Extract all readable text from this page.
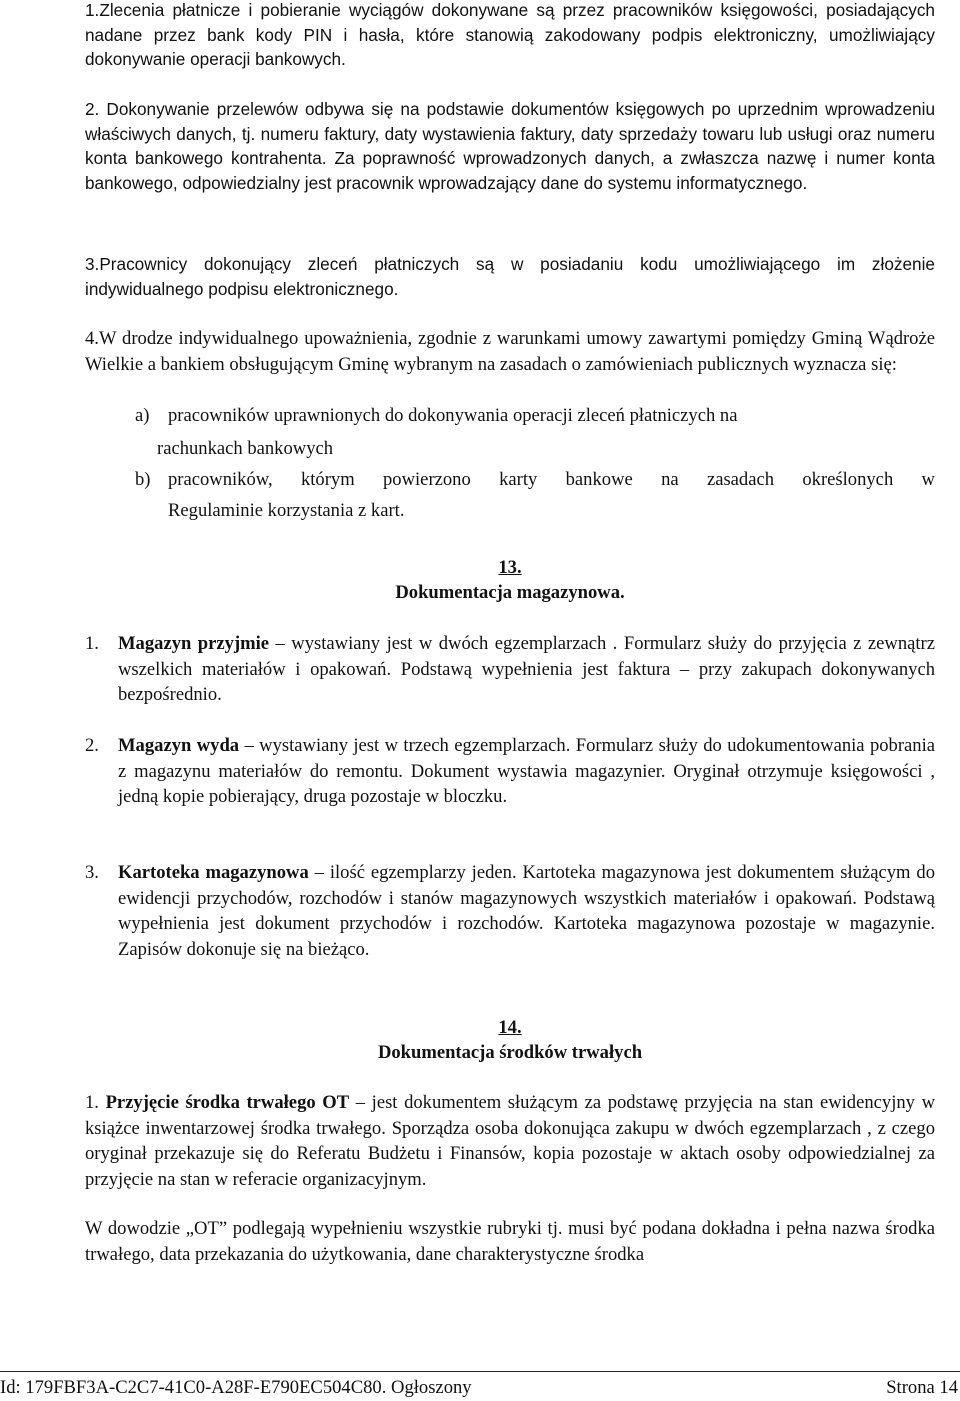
1.Zlecenia płatnicze i pobieranie wyciągów dokonywane są przez pracowników księgowości, posiadających nadane przez bank kody PIN i hasła, które stanowią zakodowany podpis elektroniczny, umożliwiający dokonywanie operacji bankowych.

2. Dokonywanie przelewów odbywa się na podstawie dokumentów księgowych po uprzednim wprowadzeniu właściwych danych, tj. numeru faktury, daty wystawienia faktury, daty sprzedaży towaru lub usługi oraz numeru konta bankowego kontrahenta. Za poprawność wprowadzonych danych, a zwłaszcza nazwę i numer konta bankowego, odpowiedzialny jest pracownik wprowadzający dane do systemu informatycznego.

3.Pracownicy dokonujący zleceń płatniczych są w posiadaniu kodu umożliwiającego im złożenie indywidualnego podpisu elektronicznego.

4.W drodze indywidualnego upoważnienia, zgodnie z warunkami umowy zawartymi pomiędzy Gminą Wądroże Wielkie a bankiem obsługującym Gminę wybranym na zasadach o zamówieniach publicznych wyznacza się:

a) pracowników uprawnionych do dokonywania operacji zleceń płatniczych na
rachunkach bankowych
b) pracowników, którym powierzono karty bankowe na zasadach określonych w
Regulaminie korzystania z kart.
13.
Dokumentacja magazynowa.
1. Magazyn przyjmie – wystawiany jest w dwóch egzemplarzach . Formularz służy do przyjęcia z zewnątrz wszelkich materiałów i opakowań. Podstawą wypełnienia jest faktura – przy zakupach dokonywanych bezpośrednio.

2. Magazyn wyda – wystawiany jest w trzech egzemplarzach. Formularz służy do udokumentowania pobrania z magazynu materiałów do remontu. Dokument wystawia magazynier. Oryginał otrzymuje księgowości , jedną kopie pobierający, druga pozostaje w bloczku.

3. Kartoteka magazynowa – ilość egzemplarzy jeden. Kartoteka magazynowa jest dokumentem służącym do ewidencji przychodów, rozchodów i stanów magazynowych wszystkich materiałów i opakowań. Podstawą wypełnienia jest dokument przychodów i rozchodów. Kartoteka magazynowa pozostaje w magazynie. Zapisów dokonuje się na bieżąco.

14.
Dokumentacja środków trwałych

1. Przyjęcie środka trwałego OT – jest dokumentem służącym za podstawę przyjęcia na stan ewidencyjny w książce inwentarzowej środka trwałego. Sporządza osoba dokonująca zakupu w dwóch egzemplarzach , z czego oryginał przekazuje się do Referatu Budżetu i Finansów, kopia pozostaje w aktach osoby odpowiedzialnej za przyjęcie na stan w referacie organizacyjnym.

W dowodzie „OT” podlegają wypełnieniu wszystkie rubryki tj. musi być podana dokładna i pełna nazwa środka trwałego, data przekazania do użytkowania, dane charakterystyczne środka

Id: 179FBF3A-C2C7-41C0-A28F-E790EC504C80. Ogłoszony	Strona 14
